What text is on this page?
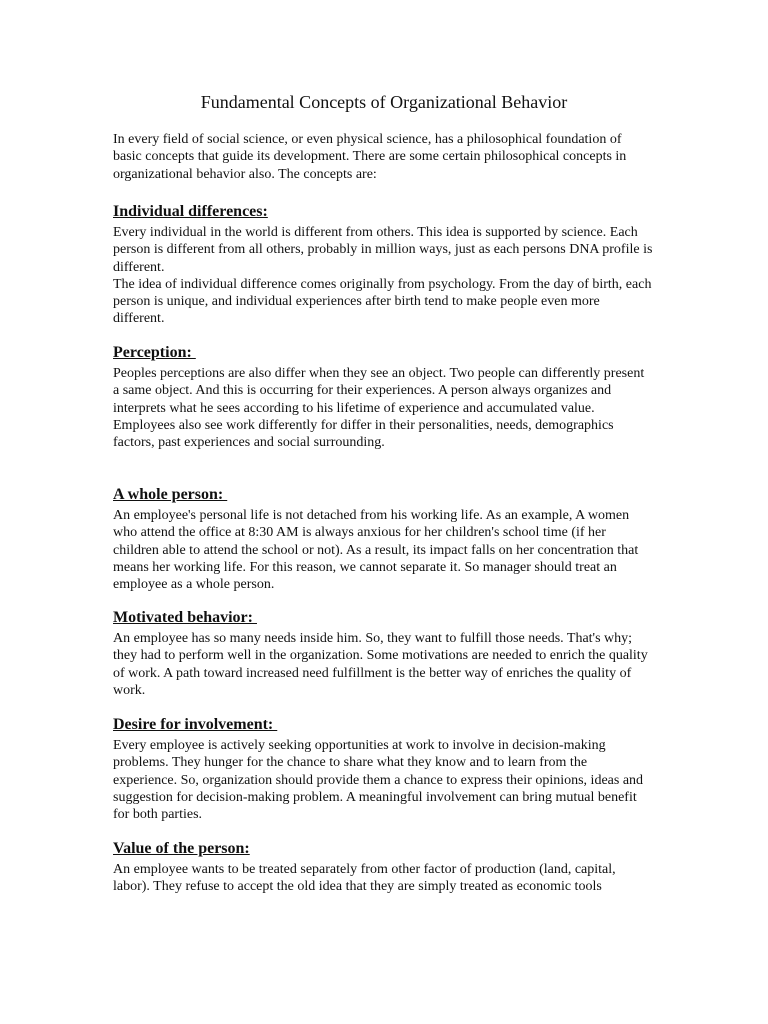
Fundamental Concepts of Organizational Behavior

In every field of social science, or even physical science, has a philosophical foundation of basic concepts that guide its development. There are some certain philosophical concepts in organizational behavior also. The concepts are:

Individual differences:

Every individual in the world is different from others. This idea is supported by science. Each person is different from all others, probably in million ways, just as each persons DNA profile is different.

The idea of individual difference comes originally from psychology. From the day of birth, each person is unique, and individual experiences after birth tend to make people even more different.

Perception:

Peoples perceptions are also differ when they see an object. Two people can differently present a same object. And this is occurring for their experiences. A person always organizes and interprets what he sees according to his lifetime of experience and accumulated value.

Employees also see work differently for differ in their personalities, needs, demographics factors, past experiences and social surrounding.

A whole person:

An employee's personal life is not detached from his working life. As an example, A women who attend the office at 8:30 AM is always anxious for her children's school time (if her children able to attend the school or not). As a result, its impact falls on her concentration that means her working life. For this reason, we cannot separate it. So manager should treat an employee as a whole person.

Motivated behavior:

An employee has so many needs inside him. So, they want to fulfill those needs. That's why; they had to perform well in the organization. Some motivations are needed to enrich the quality of work. A path toward increased need fulfillment is the better way of enriches the quality of work.

Desire for involvement:

Every employee is actively seeking opportunities at work to involve in decision-making problems. They hunger for the chance to share what they know and to learn from the experience. So, organization should provide them a chance to express their opinions, ideas and suggestion for decision-making problem. A meaningful involvement can bring mutual benefit for both parties.

Value of the person:

An employee wants to be treated separately from other factor of production (land, capital, labor). They refuse to accept the old idea that they are simply treated as economic tools
